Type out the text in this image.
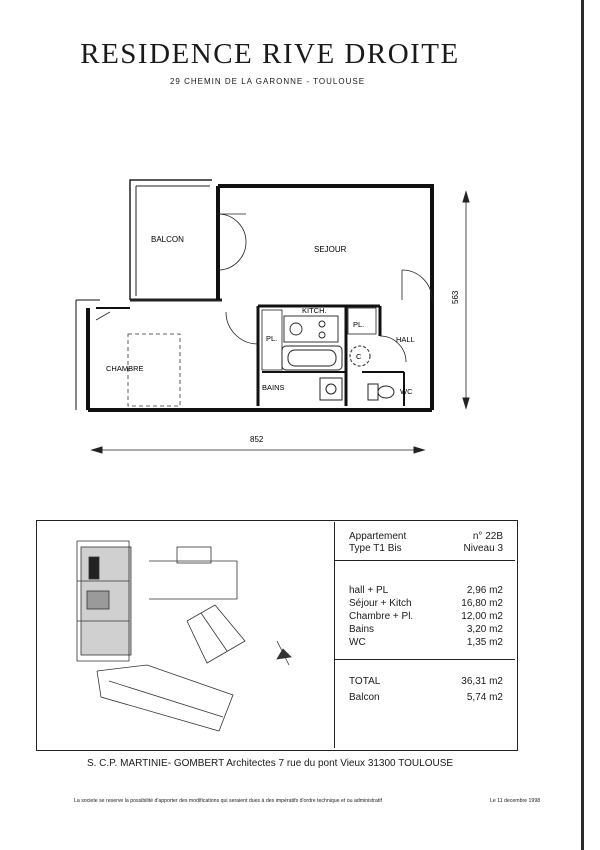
RESIDENCE RIVE DROITE
29 CHEMIN DE LA GARONNE - TOULOUSE
BALCON
SEJOUR
KITCH.
PL.
PL.
HALL
CHAMBRE
BAINS
C
WC
563
852
Appartement	n° 22B
Type T1 Bis	Niveau 3
hall + PL	2,96 m2
Séjour + Kitch	16,80 m2
Chambre + Pl.	12,00 m2
Bains	3,20 m2
WC	1,35 m2
TOTAL	36,31 m2
Balcon	5,74 m2
S. C.P. MARTINIE- GOMBERT Architectes 7 rue du pont Vieux 31300 TOULOUSE
La societe se reserve la possibilité d'apporter des modifications qui seraient dues à des impératifs d'ordre technique et ou administratif	Le 11 decembre 1998
